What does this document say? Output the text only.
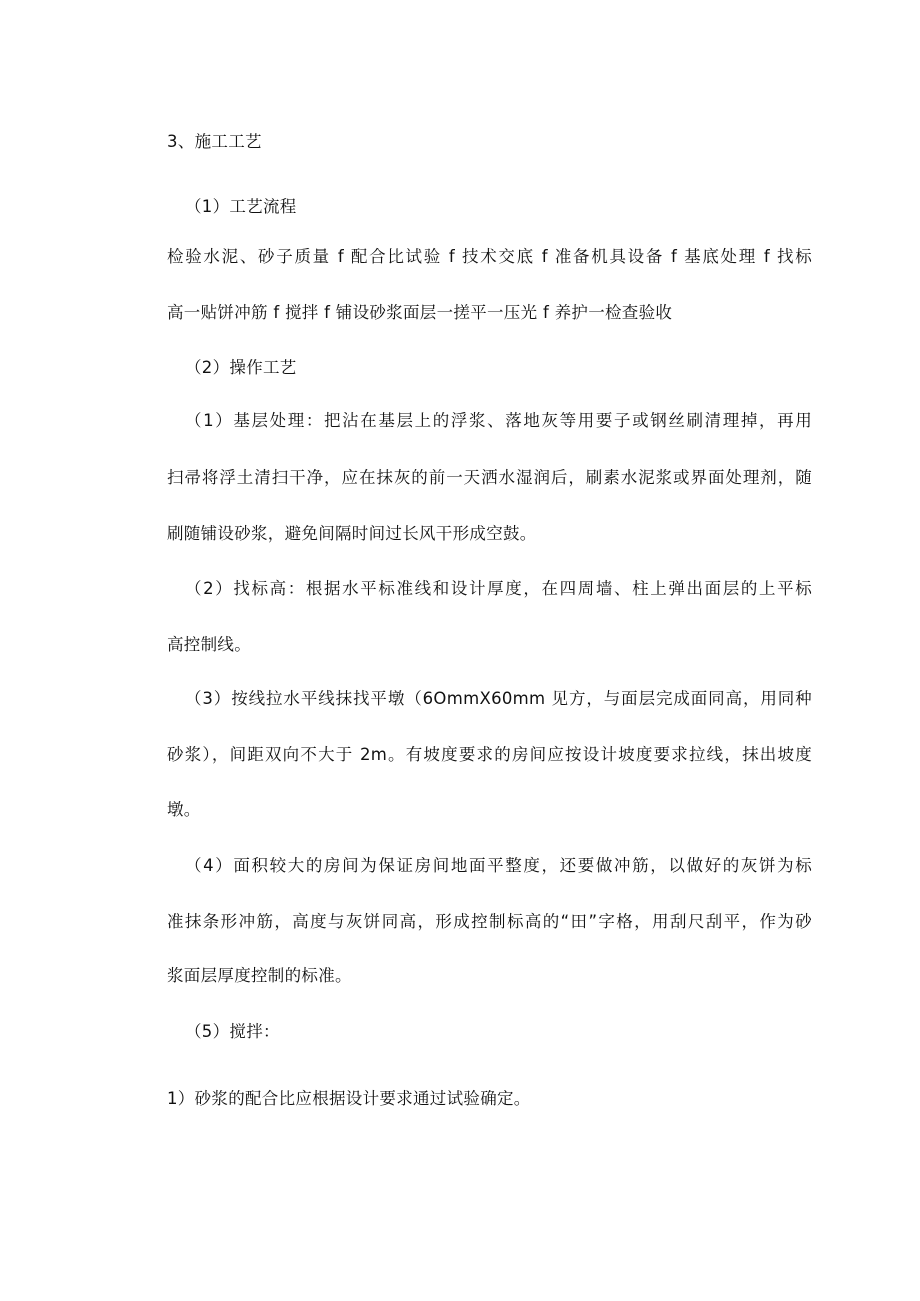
3、施工工艺
（1）工艺流程
检验水泥、砂子质量 f 配合比试验 f 技术交底 f 准备机具设备 f 基底处理 f 找标
高一贴饼冲筋 f 搅拌 f 铺设砂浆面层一搓平一压光 f 养护一检查验收
（2）操作工艺
（1）基层处理：把沾在基层上的浮浆、落地灰等用要子或钢丝刷清理掉，再用
扫帚将浮土清扫干净，应在抹灰的前一天洒水湿润后，刷素水泥浆或界面处理剂，随
刷随铺设砂浆，避免间隔时间过长风干形成空鼓。
（2）找标高：根据水平标准线和设计厚度，在四周墙、柱上弹出面层的上平标
高控制线。
（3）按线拉水平线抹找平墩（6OmmX60mm 见方，与面层完成面同高，用同种
砂浆），间距双向不大于 2m。有坡度要求的房间应按设计坡度要求拉线，抹出坡度
墩。
（4）面积较大的房间为保证房间地面平整度，还要做冲筋，以做好的灰饼为标
准抹条形冲筋，高度与灰饼同高，形成控制标高的“田”字格，用刮尺刮平，作为砂
浆面层厚度控制的标准。
（5）搅拌：
1）砂浆的配合比应根据设计要求通过试验确定。
